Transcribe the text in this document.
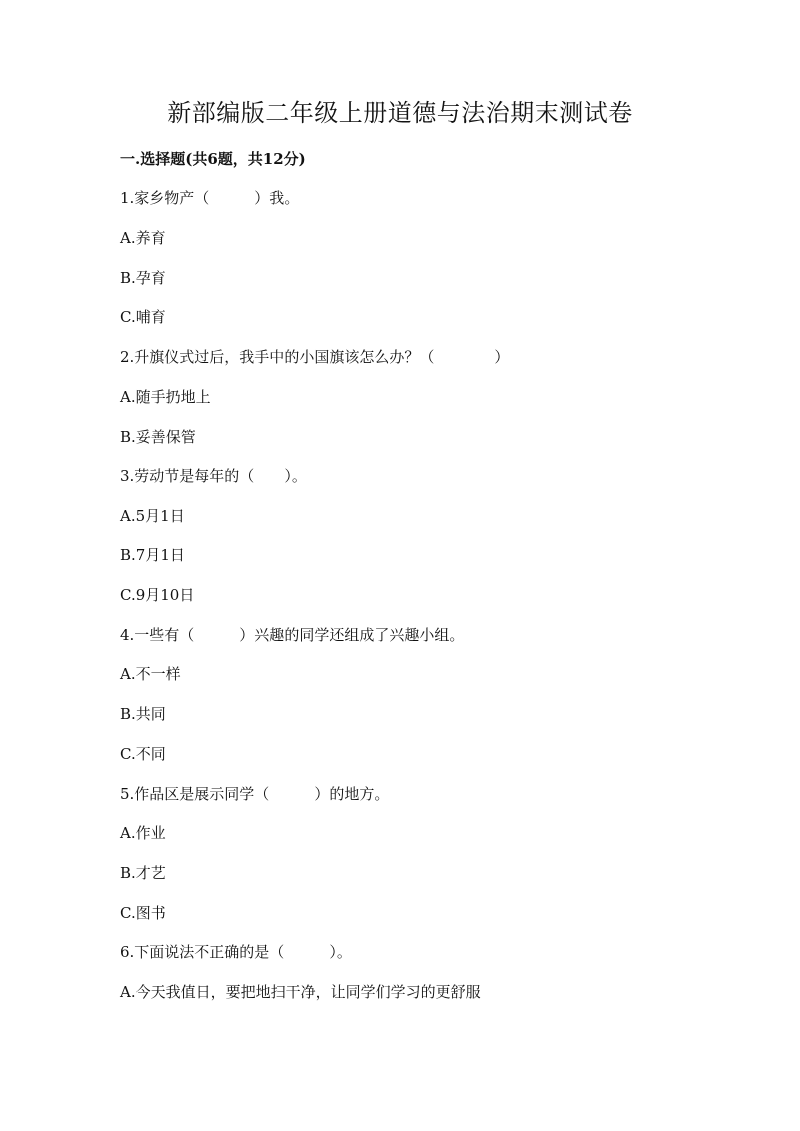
新部编版二年级上册道德与法治期末测试卷
一.选择题(共6题，共12分)
1.家乡物产（　　　）我。
A.养育
B.孕育
C.哺育
2.升旗仪式过后，我手中的小国旗该怎么办？（　　　　）
A.随手扔地上
B.妥善保管
3.劳动节是每年的（　　）。
A.5月1日
B.7月1日
C.9月10日
4.一些有（　　　）兴趣的同学还组成了兴趣小组。
A.不一样
B.共同
C.不同
5.作品区是展示同学（　　　）的地方。
A.作业
B.才艺
C.图书
6.下面说法不正确的是（　　　）。
A.今天我值日，要把地扫干净，让同学们学习的更舒服
